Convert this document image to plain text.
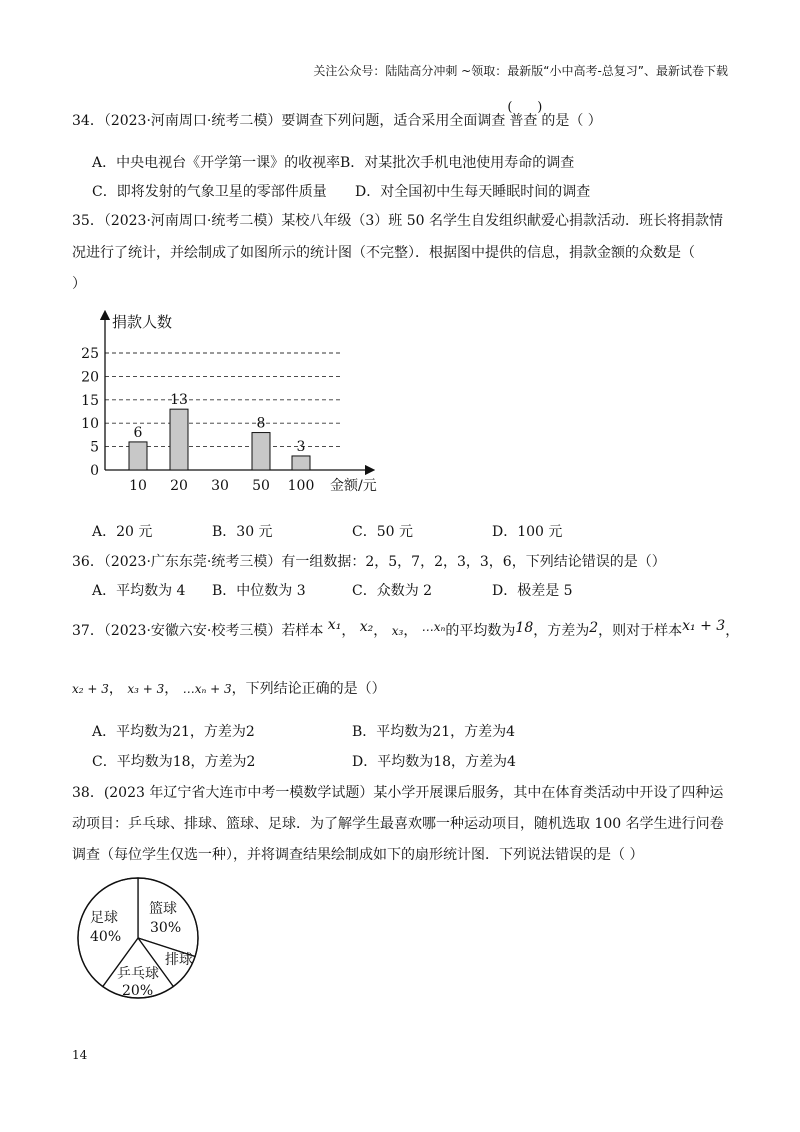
关注公众号：陆陆高分冲刺 ~领取：最新版“小中高考-总复习”、最新试卷下载
34．（2023·河南周口·统考二模）要调查下列问题，适合采用全面调查
(      )
普查 的是（ ）
A．中央电视台《开学第一课》的收视率 B．对某批次手机电池使用寿命的调查
C．即将发射的气象卫星的零部件质量 D．对全国初中生每天睡眠时间的调查
35．（2023·河南周口·统考二模）某校八年级（3）班 50 名学生自发组织献爱心捐款活动．班长将捐款情
况进行了统计，并绘制成了如图所示的统计图（不完整）．根据图中提供的信息，捐款金额的众数是（
）
捐款人数
金额/元
0
5
10
15
20
25
10 20 30 50 100
6
13
8
3
A．20 元	B．30 元	C．50 元	D．100 元
36．（2023·广东东莞·统考三模）有一组数据：2，5，7，2，3，3，6，下列结论错误的是（）
A．平均数为 4 B．中位数为 3	C．众数为 2	D．极差是 5
37．（2023·安徽六安·校考三模）若样本 x₁， x₂， x₃， …xₙ的平均数为18，方差为2，则对于样本x₁ + 3，
x₂ + 3， x₃ + 3， …xₙ + 3，下列结论正确的是（）
A．平均数为21，方差为2	B．平均数为21，方差为4
C．平均数为18，方差为2	D．平均数为18，方差为4
38．(2023 年辽宁省大连市中考一模数学试题）某小学开展课后服务，其中在体育类活动中开设了四种运
动项目：乒乓球、排球、篮球、足球．为了解学生最喜欢哪一种运动项目，随机选取 100 名学生进行问卷
调查（每位学生仅选一种），并将调查结果绘制成如下的扇形统计图．下列说法错误的是（ ）
篮球
30%
排球
乒乓球
20%
足球
40%
14
